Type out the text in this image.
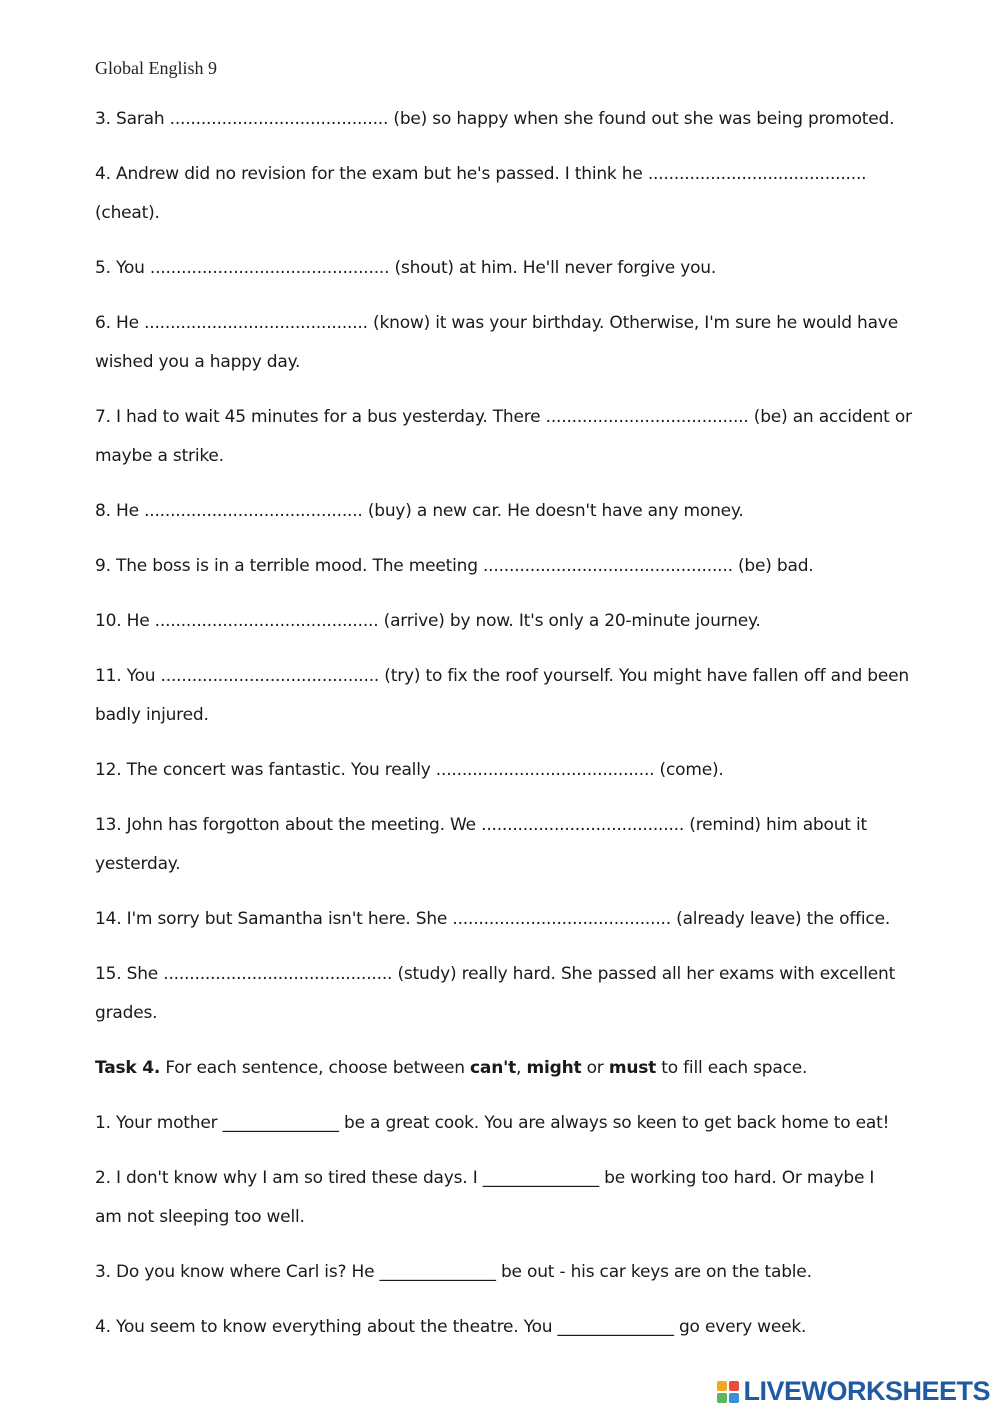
Global English 9
3. Sarah .......................................... (be) so happy when she found out she was being promoted.
4. Andrew did no revision for the exam but he's passed. I think he ..........................................
(cheat).
5. You .............................................. (shout) at him. He'll never forgive you.
6. He ........................................... (know) it was your birthday. Otherwise, I'm sure he would have
wished you a happy day.
7. I had to wait 45 minutes for a bus yesterday. There ....................................... (be) an accident or
maybe a strike.
8. He .......................................... (buy) a new car. He doesn't have any money.
9. The boss is in a terrible mood. The meeting ................................................ (be) bad.
10. He ........................................... (arrive) by now. It's only a 20-minute journey.
11. You .......................................... (try) to fix the roof yourself. You might have fallen off and been
badly injured.
12. The concert was fantastic. You really .......................................... (come).
13. John has forgotton about the meeting. We ....................................... (remind) him about it
yesterday.
14. I'm sorry but Samantha isn't here. She .......................................... (already leave) the office.
15. She ............................................ (study) really hard. She passed all her exams with excellent
grades.
Task 4. For each sentence, choose between can't, might or must to fill each space.
1. Your mother ______________ be a great cook. You are always so keen to get back home to eat!
2. I don't know why I am so tired these days. I ______________ be working too hard. Or maybe I
am not sleeping too well.
3. Do you know where Carl is? He ______________ be out - his car keys are on the table.
4. You seem to know everything about the theatre. You ______________ go every week.
LIVEWORKSHEETS
